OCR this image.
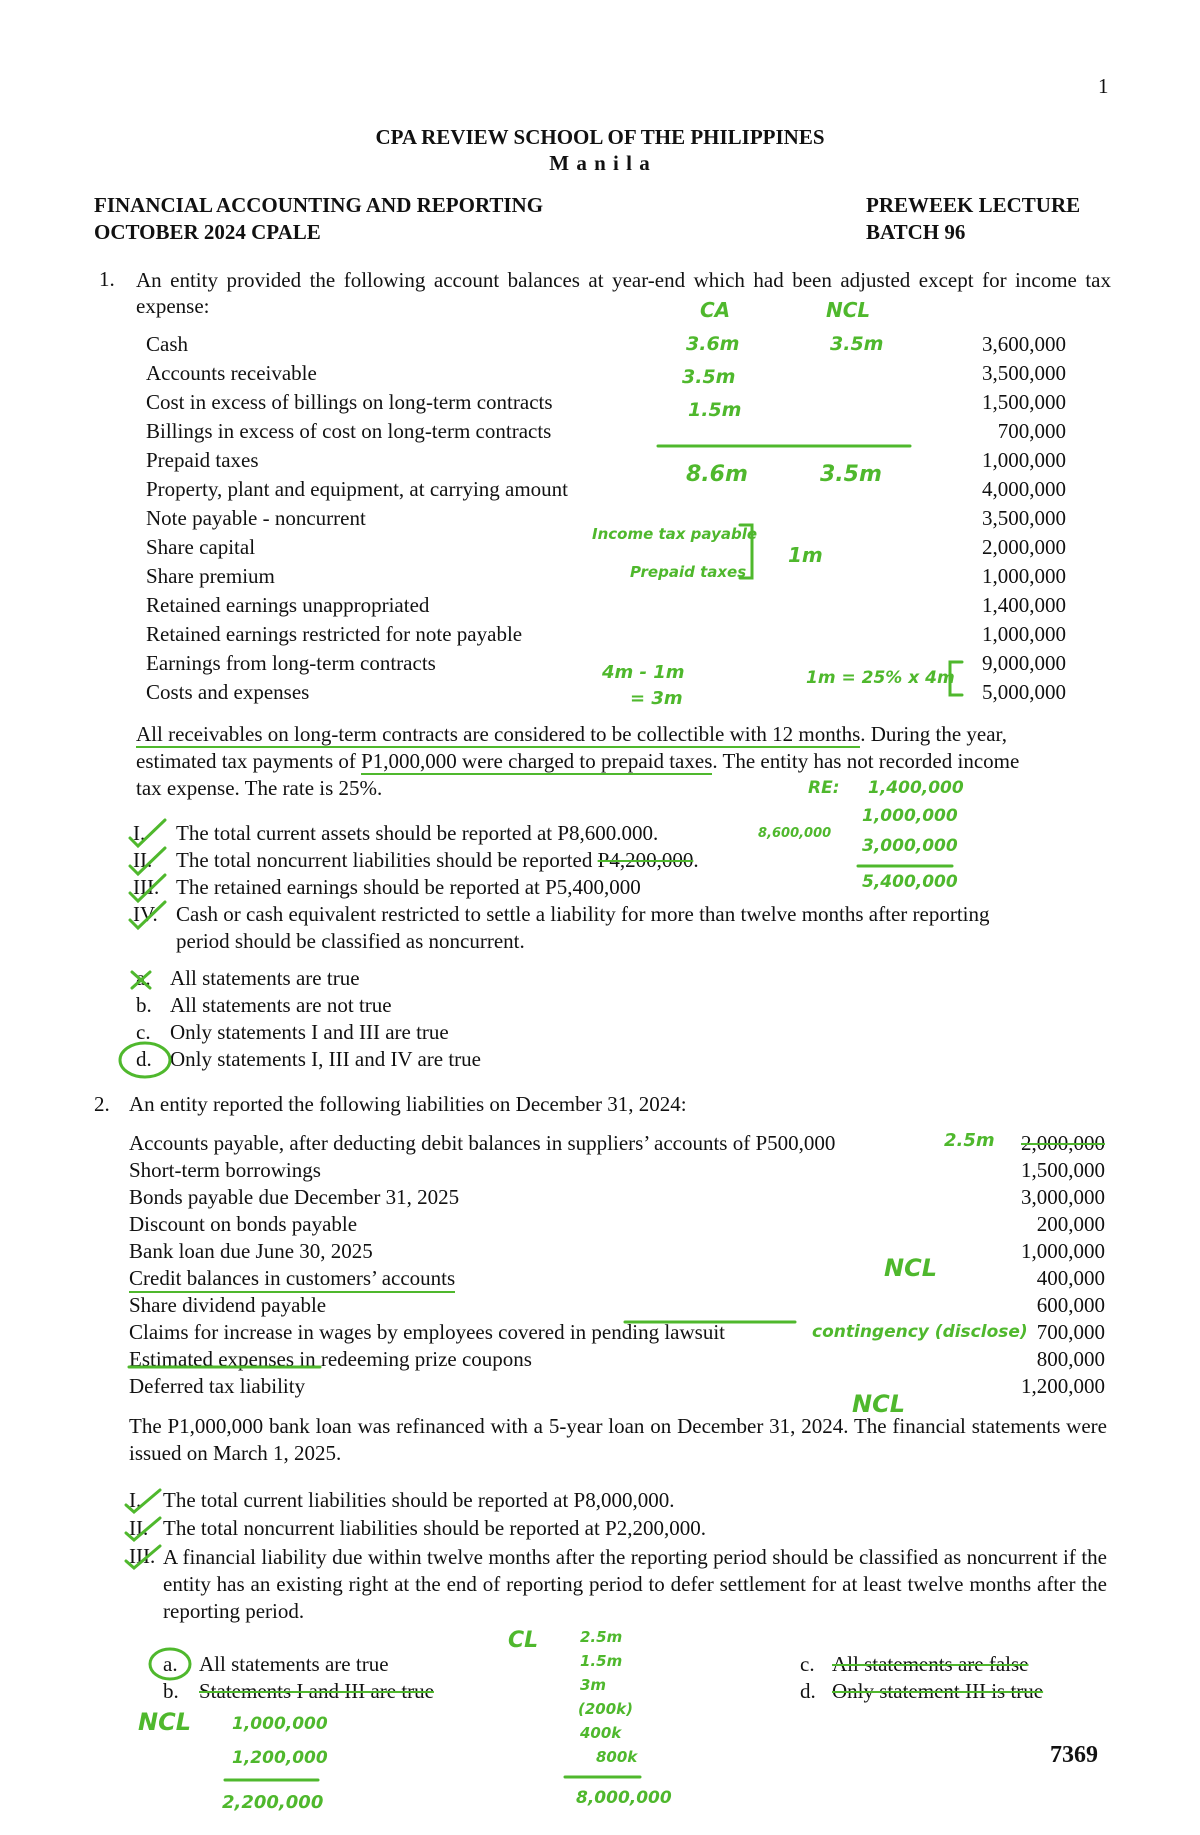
1
CPA REVIEW SCHOOL OF THE PHILIPPINES
M a n i l a
FINANCIAL ACCOUNTING AND REPORTING
OCTOBER 2024 CPALE
PREWEEK LECTURE
BATCH 96
1. An entity provided the following account balances at year-end which had been adjusted except for income tax expense:
Cash	3,600,000
Accounts receivable	3,500,000
Cost in excess of billings on long-term contracts	1,500,000
Billings in excess of cost on long-term contracts	700,000
Prepaid taxes	1,000,000
Property, plant and equipment, at carrying amount	4,000,000
Note payable - noncurrent	3,500,000
Share capital	2,000,000
Share premium	1,000,000
Retained earnings unappropriated	1,400,000
Retained earnings restricted for note payable	1,000,000
Earnings from long-term contracts	9,000,000
Costs and expenses	5,000,000
All receivables on long-term contracts are considered to be collectible with 12 months. During the year,
estimated tax payments of P1,000,000 were charged to prepaid taxes. The entity has not recorded income
tax expense. The rate is 25%.
I. The total current assets should be reported at P8,600.000.
II. The total noncurrent liabilities should be reported P4,200,000.
III. The retained earnings should be reported at P5,400,000
IV. Cash or cash equivalent restricted to settle a liability for more than twelve months after reporting
period should be classified as noncurrent.
a. All statements are true
b. All statements are not true
c. Only statements I and III are true
d. Only statements I, III and IV are true
2. An entity reported the following liabilities on December 31, 2024:
Accounts payable, after deducting debit balances in suppliers’ accounts of P500,000	2,000,000
Short-term borrowings	1,500,000
Bonds payable due December 31, 2025	3,000,000
Discount on bonds payable	200,000
Bank loan due June 30, 2025	1,000,000
Credit balances in customers’ accounts	400,000
Share dividend payable	600,000
Claims for increase in wages by employees covered in pending lawsuit	700,000
Estimated expenses in redeeming prize coupons	800,000
Deferred tax liability	1,200,000
The P1,000,000 bank loan was refinanced with a 5-year loan on December 31, 2024. The financial statements were issued on March 1, 2025.
I. The total current liabilities should be reported at P8,000,000.
II. The total noncurrent liabilities should be reported at P2,200,000.
III. A financial liability due within twelve months after the reporting period should be classified as noncurrent if the entity has an existing right at the end of reporting period to defer settlement for at least twelve months after the reporting period.
a. All statements are true
b. Statements I and III are true
c. All statements are false
d. Only statement III is true
7369
CA	NCL
3.6m	3.5m
3.5m
1.5m
8.6m	3.5m
Income tax payable
Prepaid taxes
1m
4m - 1m
= 3m
1m = 25% x 4m
RE: 1,400,000
1,000,000
3,000,000
5,400,000
8,600,000
2.5m
NCL
contingency (disclose)
NCL
CL	2.5m
1.5m
3m
(200k)
400k
800k
8,000,000
NCL 1,000,000
1,200,000
2,200,000
